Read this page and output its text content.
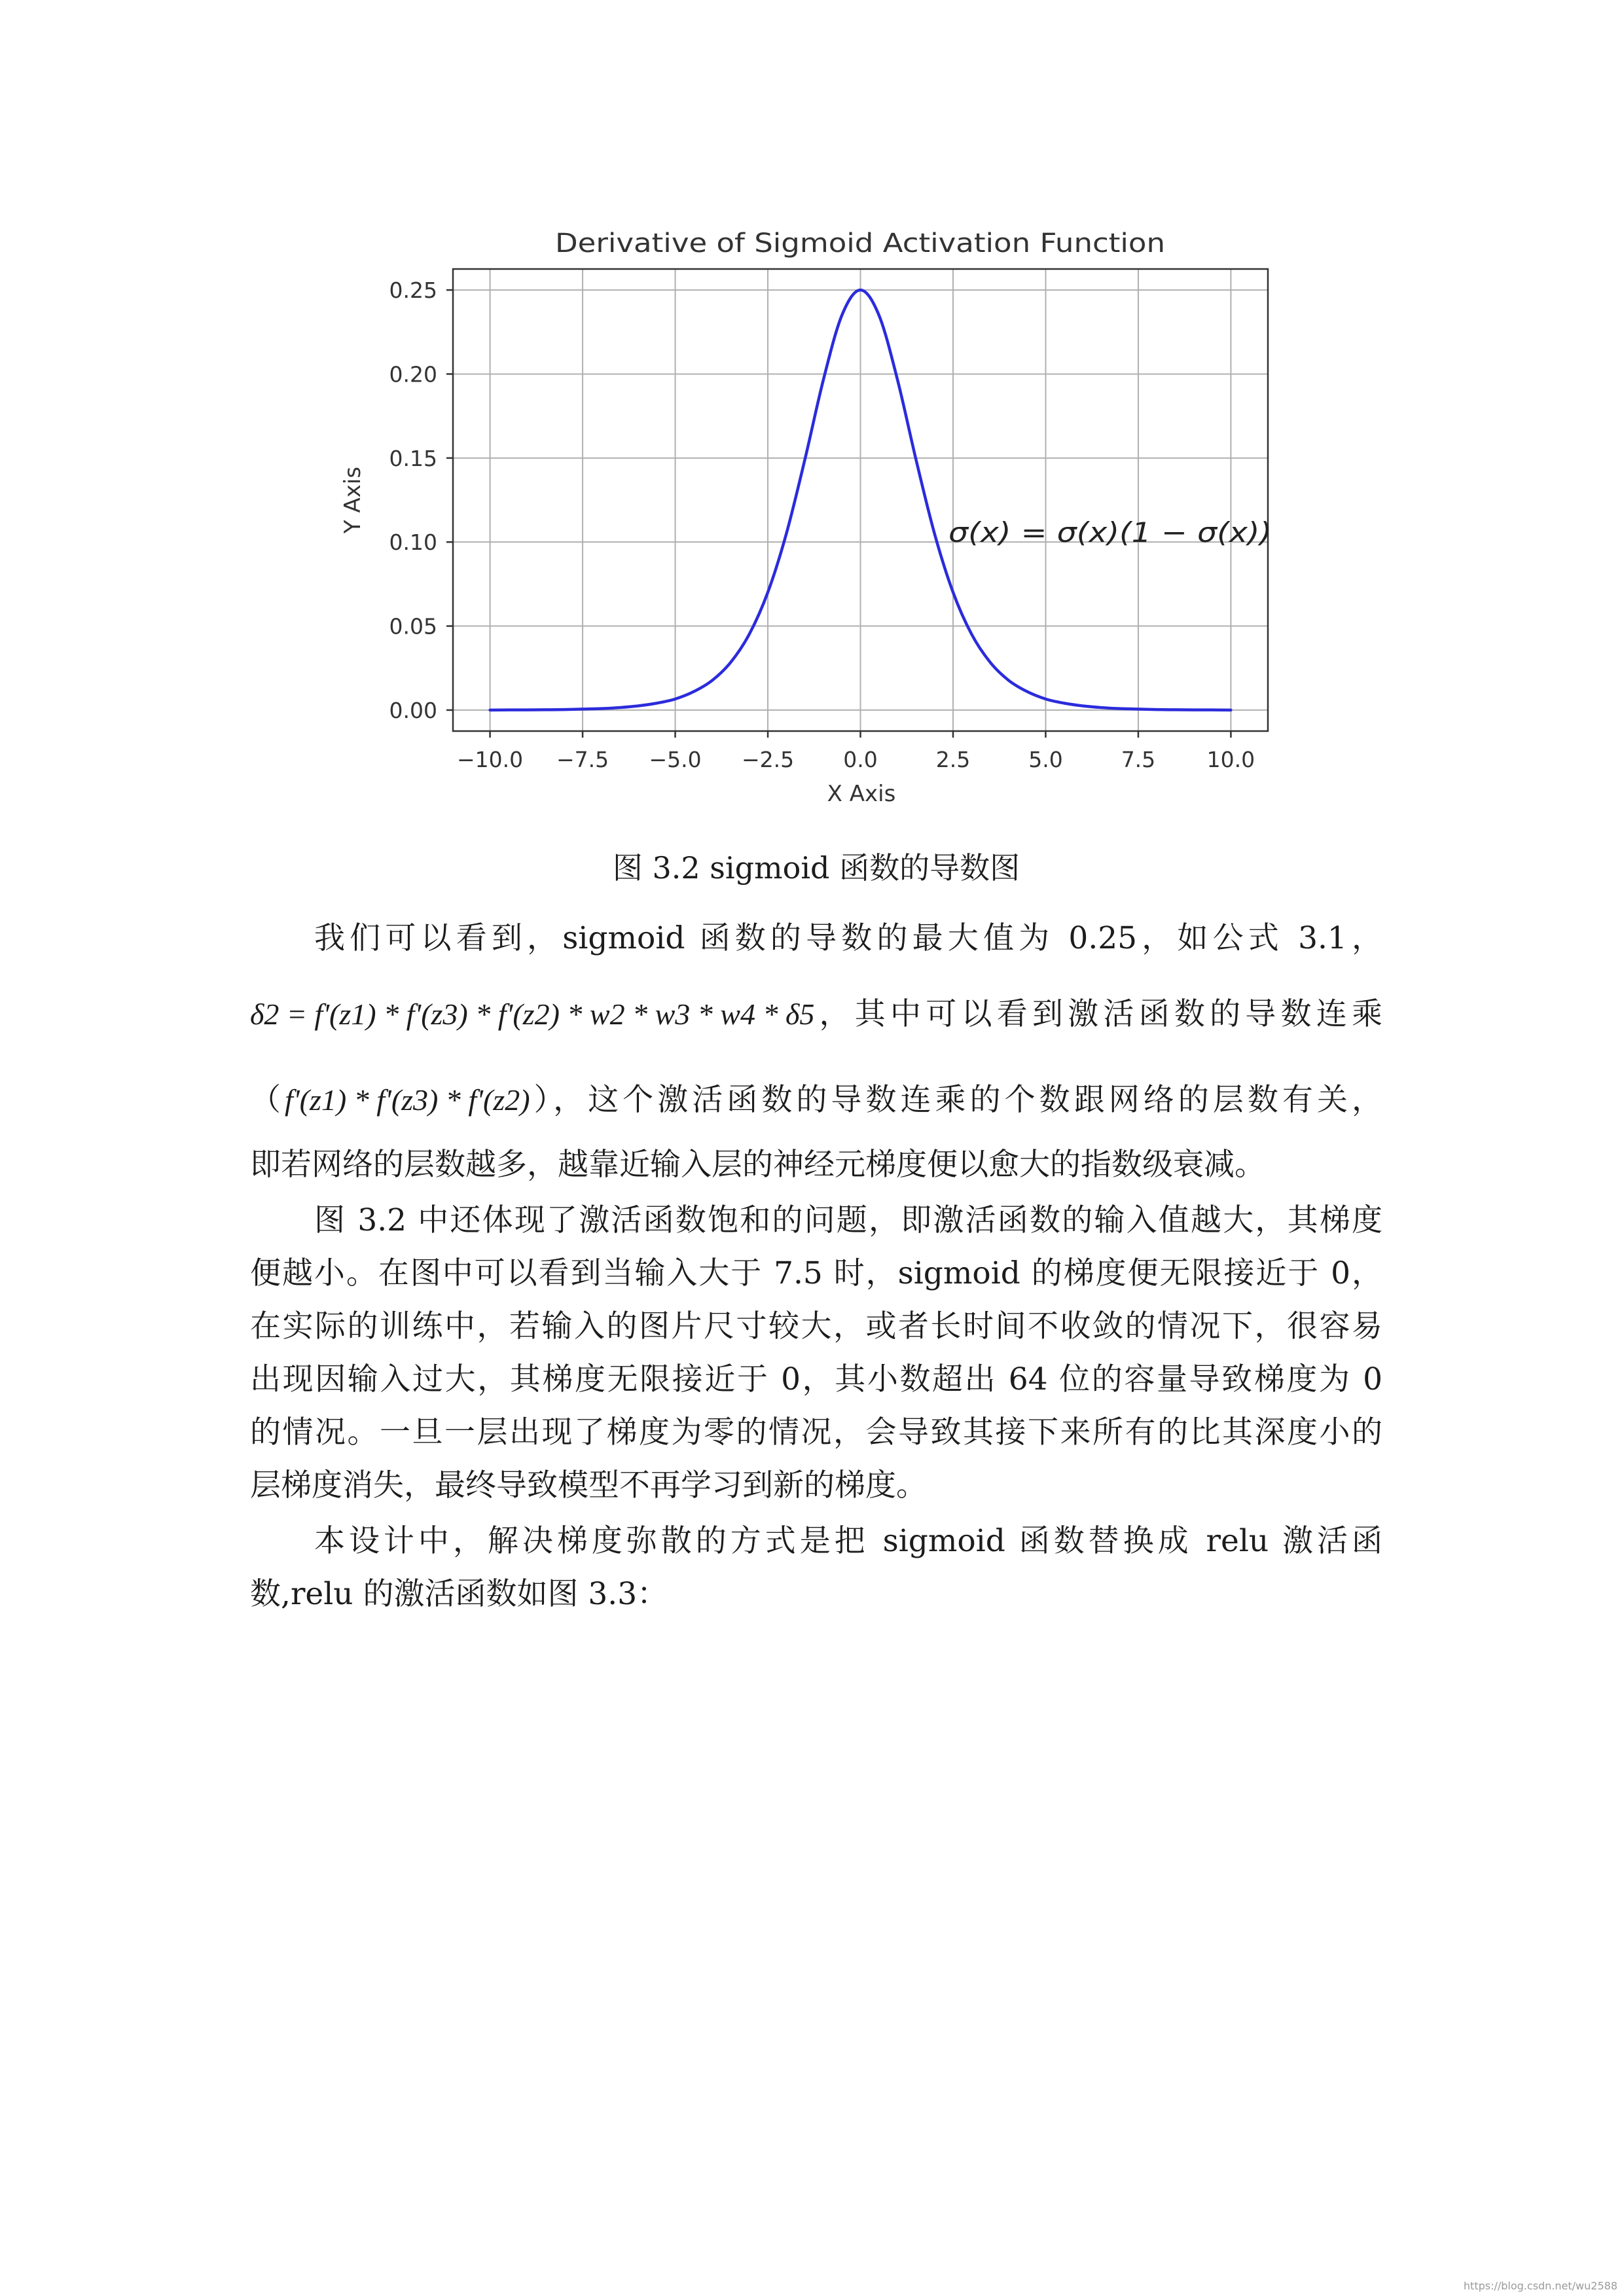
−10.0 −7.5 −5.0 −2.5 0.0	2.5	5.0	7.5 10.0
0.00
0.05
0.10
0.15
0.20
0.25
Derivative of Sigmoid Activation Function
X Axis
Y Axis	σ(x) = σ(x)(1 − σ(x))
图 3.2 sigmoid 函数的导数图
我们可以看到，sigmoid 函数的导数的最大值为 0.25，如公式 3.1，
δ2 = f'(z1) * f'(z3) * f'(z2) * w2 * w3 * w4 * δ5，其中可以看到激活函数的导数连乘
（f'(z1) * f'(z3) * f'(z2)），这个激活函数的导数连乘的个数跟网络的层数有关，
即若网络的层数越多，越靠近输入层的神经元梯度便以愈大的指数级衰减。
图 3.2 中还体现了激活函数饱和的问题，即激活函数的输入值越大，其梯度
便越小。在图中可以看到当输入大于 7.5 时，sigmoid 的梯度便无限接近于 0，
在实际的训练中，若输入的图片尺寸较大，或者长时间不收敛的情况下，很容易
出现因输入过大，其梯度无限接近于 0，其小数超出 64 位的容量导致梯度为 0
的情况。一旦一层出现了梯度为零的情况，会导致其接下来所有的比其深度小的
层梯度消失，最终导致模型不再学习到新的梯度。
本设计中，解决梯度弥散的方式是把 sigmoid 函数替换成 relu 激活函
数,relu 的激活函数如图 3.3：
https://blog.csdn.net/wu2588
